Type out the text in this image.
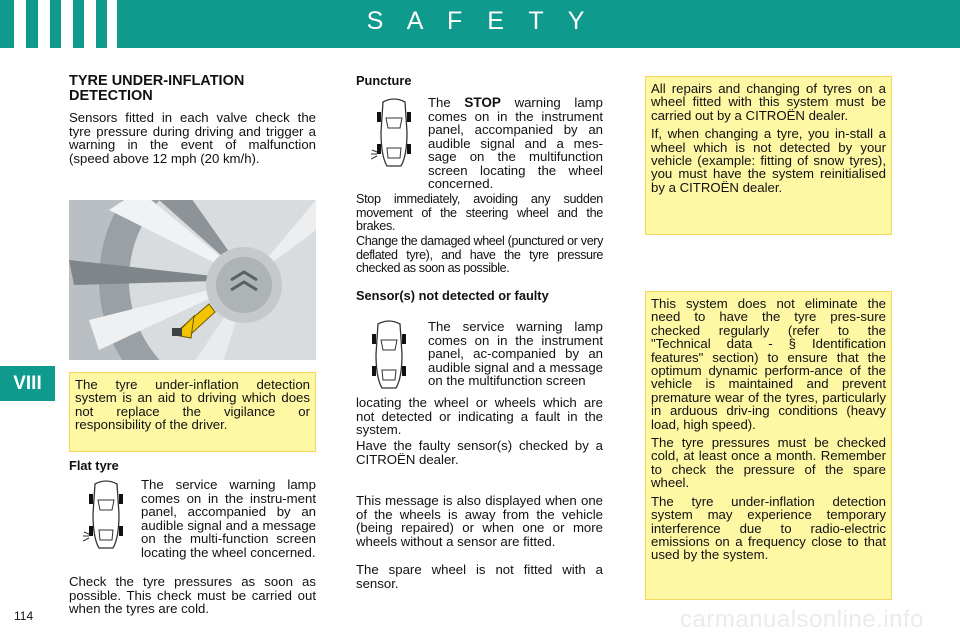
S A F E T Y
VIII
114
TYRE UNDER-INFLATION
DETECTION
Sensors fitted in each valve check the tyre pressure during driving and trigger a warning in the event of malfunction (speed above 12 mph (20 km/h).

The tyre under-inflation detection system is an aid to driving which does not replace the vigilance or responsibility of the driver.

Flat tyre
The service warning lamp comes on in the instru-ment panel, accompanied by an audible signal and a message on the multi-function screen locating the wheel concerned.
Check the tyre pressures as soon as possible. This check must be carried out when the tyres are cold.
Puncture
The STOP warning lamp comes on in the instrument panel, accompanied by an audible signal and a mes-sage on the multifunction screen locating the wheel concerned.
Stop immediately, avoiding any sudden movement of the steering wheel and the brakes.
Change the damaged wheel (punctured or very deflated tyre), and have the tyre pressure checked as soon as possible.
Sensor(s) not detected or faulty
The service warning lamp comes on in the instrument panel, ac-companied by an audible signal and a message on the multifunction screen
locating the wheel or wheels which are not detected or indicating a fault in the system.
Have the faulty sensor(s) checked by a CITROËN dealer.
This message is also displayed when one of the wheels is away from the vehicle (being repaired) or when one or more wheels without a sensor are fitted.
The spare wheel is not fitted with a sensor.

All repairs and changing of tyres on a wheel fitted with this system must be carried out by a CITROËN dealer.

If, when changing a tyre, you in-stall a wheel which is not detected by your vehicle (example: fitting of snow tyres), you must have the system reinitialised by a CITROËN dealer.

This system does not eliminate the need to have the tyre pres-sure checked regularly (refer to the "Technical data - § Identification features" section) to ensure that the optimum dynamic perform-ance of the vehicle is maintained and prevent premature wear of the tyres, particularly in arduous driv-ing conditions (heavy load, high speed).

The tyre pressures must be checked cold, at least once a month. Remember to check the pressure of the spare wheel.

The tyre under-inflation detection system may experience temporary interference due to radio-electric emissions on a frequency close to that used by the system.

carmanualsonline.info
